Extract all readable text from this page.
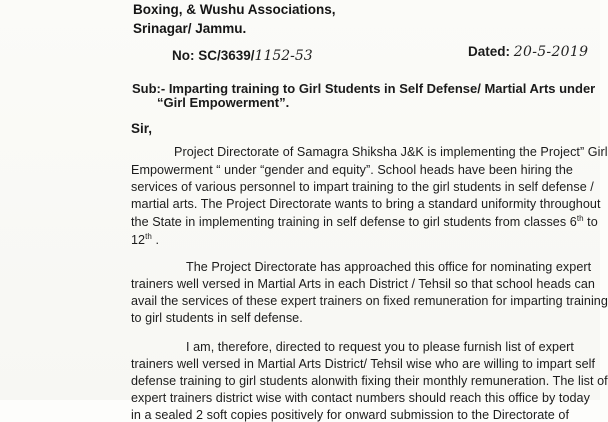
Boxing, & Wushu Associations,
Srinagar/ Jammu.
No: SC/3639/1152-53	Dated: 20-5-2019
Sub:- Imparting training to Girl Students in Self Defense/ Martial Arts under
“Girl Empowerment”.
Sir,
Project Directorate of Samagra Shiksha J&K is implementing the Project” Girl
Empowerment “ under “gender and equity”. School heads have been hiring the
services of various personnel to impart training to the girl students in self defense /
martial arts. The Project Directorate wants to bring a standard uniformity throughout
the State in implementing training in self defense to girl students from classes 6th to
12th .
The Project Directorate has approached this office for nominating expert
trainers well versed in Martial Arts in each District / Tehsil so that school heads can
avail the services of these expert trainers on fixed remuneration for imparting training
to girl students in self defense.
I am, therefore, directed to request you to please furnish list of expert
trainers well versed in Martial Arts District/ Tehsil wise who are willing to impart self
defense training to girl students alonwith fixing their monthly remuneration. The list of
expert trainers district wise with contact numbers should reach this office by today
in a sealed 2 soft copies positively for onward submission to the Directorate of
